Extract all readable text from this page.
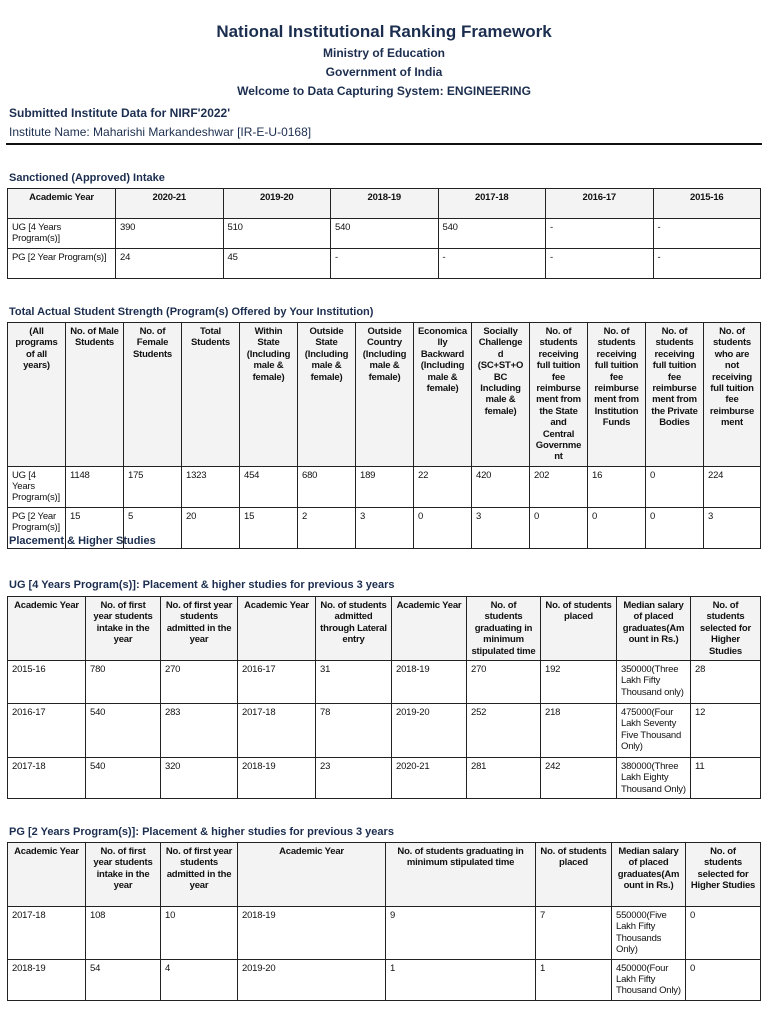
National Institutional Ranking Framework
Ministry of Education
Government of India
Welcome to Data Capturing System: ENGINEERING
Submitted Institute Data for NIRF'2022'
Institute Name: Maharishi Markandeshwar [IR-E-U-0168]
Sanctioned (Approved) Intake
Academic Year	2020-21	2019-20	2018-19	2017-18	2016-17	2015-16
UG [4 Years Program(s)]	390	510	540	540	-	-
PG [2 Year Program(s)]	24	45	-	-	-	-
Total Actual Student Strength (Program(s) Offered by Your Institution)
(All programs of all years)	No. of Male Students	No. of Female Students	Total Students	Within State (Including male & female)	Outside State (Including male & female)	Outside Country (Including male & female)	Economically Backward (Including male & female)	Socially Challenged (SC+ST+OBC Including male & female)	No. of students receiving full tuition fee reimbursement from the State and Central Government	No. of students receiving full tuition fee reimbursement from Institution Funds	No. of students receiving full tuition fee reimbursement from the Private Bodies	No. of students who are not receiving full tuition fee reimbursement
UG [4 Years Program(s)]	1148	175	1323	454	680	189	22	420	202	16	0	224
PG [2 Year Program(s)]	15	5	20	15	2	3	0	3	0	0	0	3
Placement & Higher Studies
UG [4 Years Program(s)]: Placement & higher studies for previous 3 years
Academic Year	No. of first year students intake in the year	No. of first year students admitted in the year	Academic Year	No. of students admitted through Lateral entry	Academic Year	No. of students graduating in minimum stipulated time	No. of students placed	Median salary of placed graduates(Amount in Rs.)	No. of students selected for Higher Studies
2015-16	780	270	2016-17	31	2018-19	270	192	350000(Three Lakh Fifty Thousand only)	28
2016-17	540	283	2017-18	78	2019-20	252	218	475000(Four Lakh Seventy Five Thousand Only)	12
2017-18	540	320	2018-19	23	2020-21	281	242	380000(Three Lakh Eighty Thousand Only)	11
PG [2 Years Program(s)]: Placement & higher studies for previous 3 years
Academic Year	No. of first year students intake in the year	No. of first year students admitted in the year	Academic Year	No. of students graduating in minimum stipulated time	No. of students placed	Median salary of placed graduates(Amount in Rs.)	No. of students selected for Higher Studies
2017-18	108	10	2018-19	9	7	550000(Five Lakh Fifty Thousands Only)	0
2018-19	54	4	2019-20	1	1	450000(Four Lakh Fifty Thousand Only)	0
